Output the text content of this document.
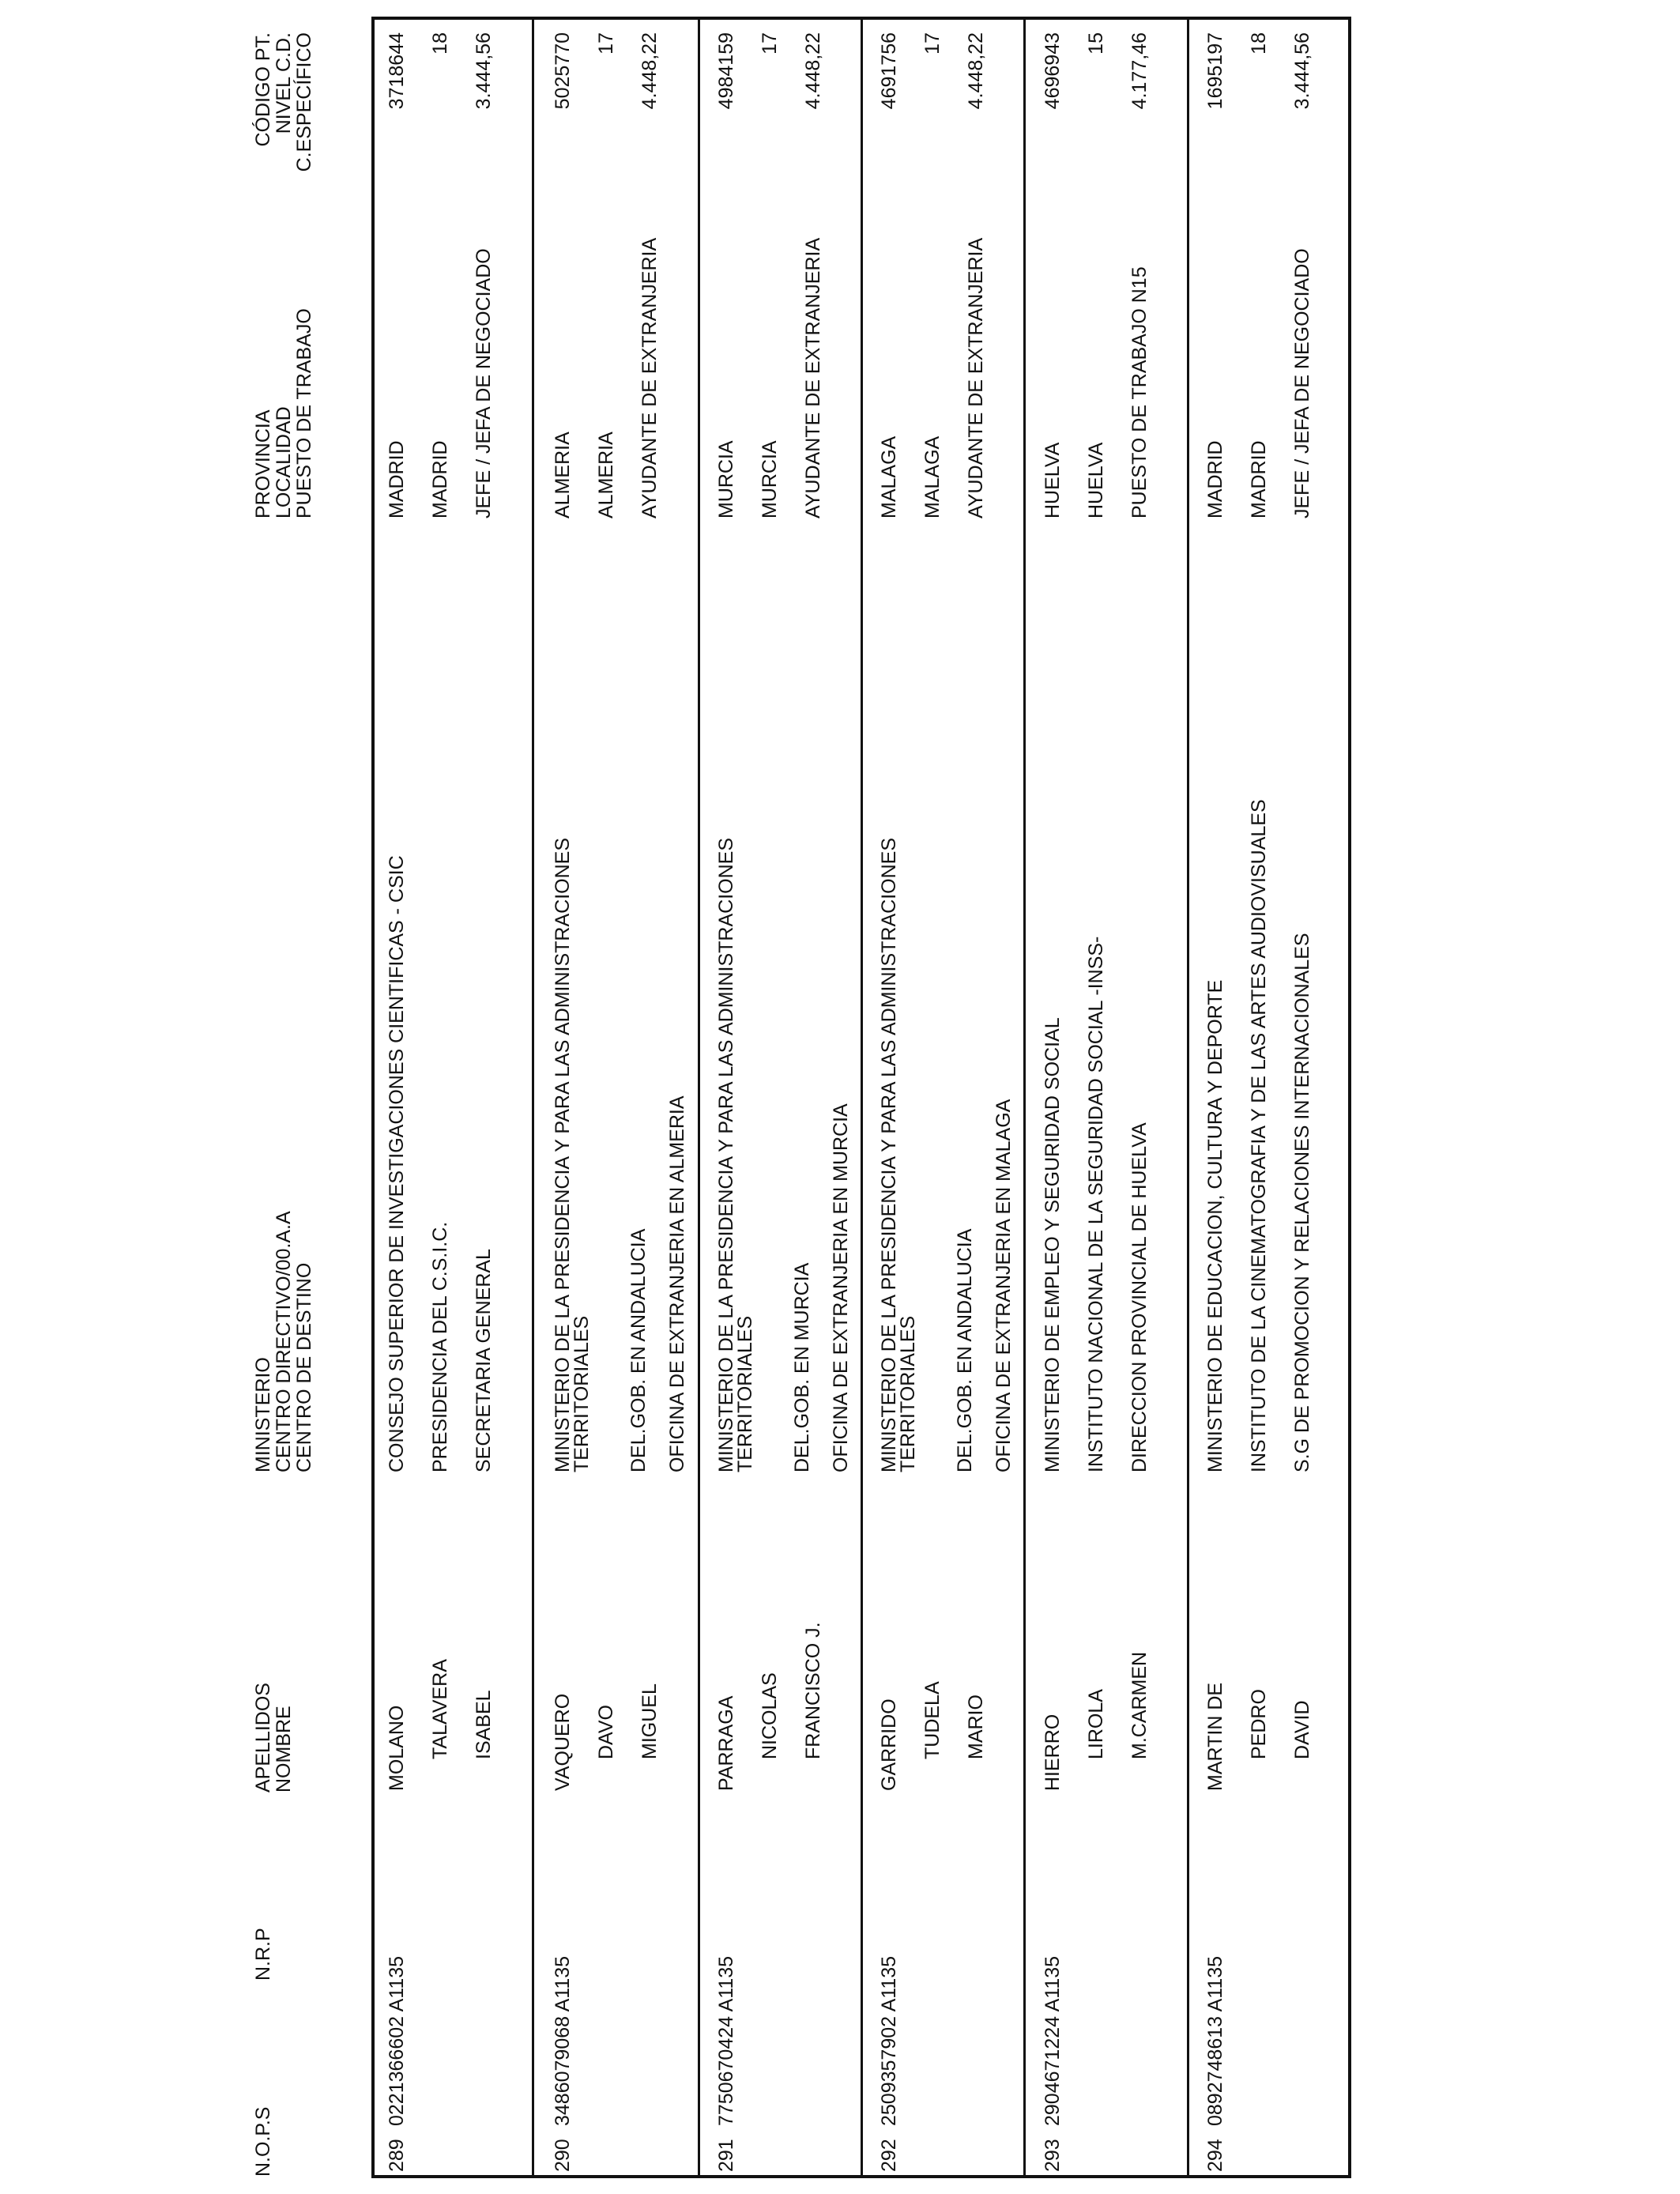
N.O.P.S
N.R.P
APELLIDOS
NOMBRE
MINISTERIO
CENTRO DIRECTIVO/00.A.A
CENTRO DE DESTINO
PROVINCIA
LOCALIDAD
PUESTO DE TRABAJO
CÓDIGO PT.
NIVEL C.D.
C.ESPECÍFICO
289
0221366602 A1135
MOLANO TALAVERA ISABEL
CONSEJO SUPERIOR DE INVESTIGACIONES CIENTIFICAS - CSIC PRESIDENCIA DEL C.S.I.C. SECRETARIA GENERAL
MADRID MADRID JEFE / JEFA DE NEGOCIADO
3718644 18 3.444,56
290
3486079068 A1135
VAQUERO DAVO MIGUEL
MINISTERIO DE LA PRESIDENCIA Y PARA LAS ADMINISTRACIONES
TERRITORIALES DEL.GOB. EN ANDALUCIA OFICINA DE EXTRANJERIA EN ALMERIA
ALMERIA ALMERIA AYUDANTE DE EXTRANJERIA
5025770 17 4.448,22
291
7750670424 A1135
PARRAGA NICOLAS FRANCISCO J.
MINISTERIO DE LA PRESIDENCIA Y PARA LAS ADMINISTRACIONES
TERRITORIALES DEL.GOB. EN MURCIA OFICINA DE EXTRANJERIA EN MURCIA
MURCIA MURCIA AYUDANTE DE EXTRANJERIA
4984159 17 4.448,22
292
2509357902 A1135
GARRIDO TUDELA MARIO
MINISTERIO DE LA PRESIDENCIA Y PARA LAS ADMINISTRACIONES
TERRITORIALES DEL.GOB. EN ANDALUCIA OFICINA DE EXTRANJERIA EN MALAGA
MALAGA MALAGA AYUDANTE DE EXTRANJERIA
4691756 17 4.448,22
293
2904671224 A1135
HIERRO LIROLA M.CARMEN
MINISTERIO DE EMPLEO Y SEGURIDAD SOCIAL INSTITUTO NACIONAL DE LA SEGURIDAD SOCIAL -INSS- DIRECCION PROVINCIAL DE HUELVA
HUELVA HUELVA PUESTO DE TRABAJO N15
4696943 15 4.177,46
294
0892748613 A1135
MARTIN DE PEDRO DAVID
MINISTERIO DE EDUCACION, CULTURA Y DEPORTE INSTITUTO DE LA CINEMATOGRAFIA Y DE LAS ARTES AUDIOVISUALES S.G DE PROMOCION Y RELACIONES INTERNACIONALES
MADRID MADRID JEFE / JEFA DE NEGOCIADO
1695197 18 3.444,56
